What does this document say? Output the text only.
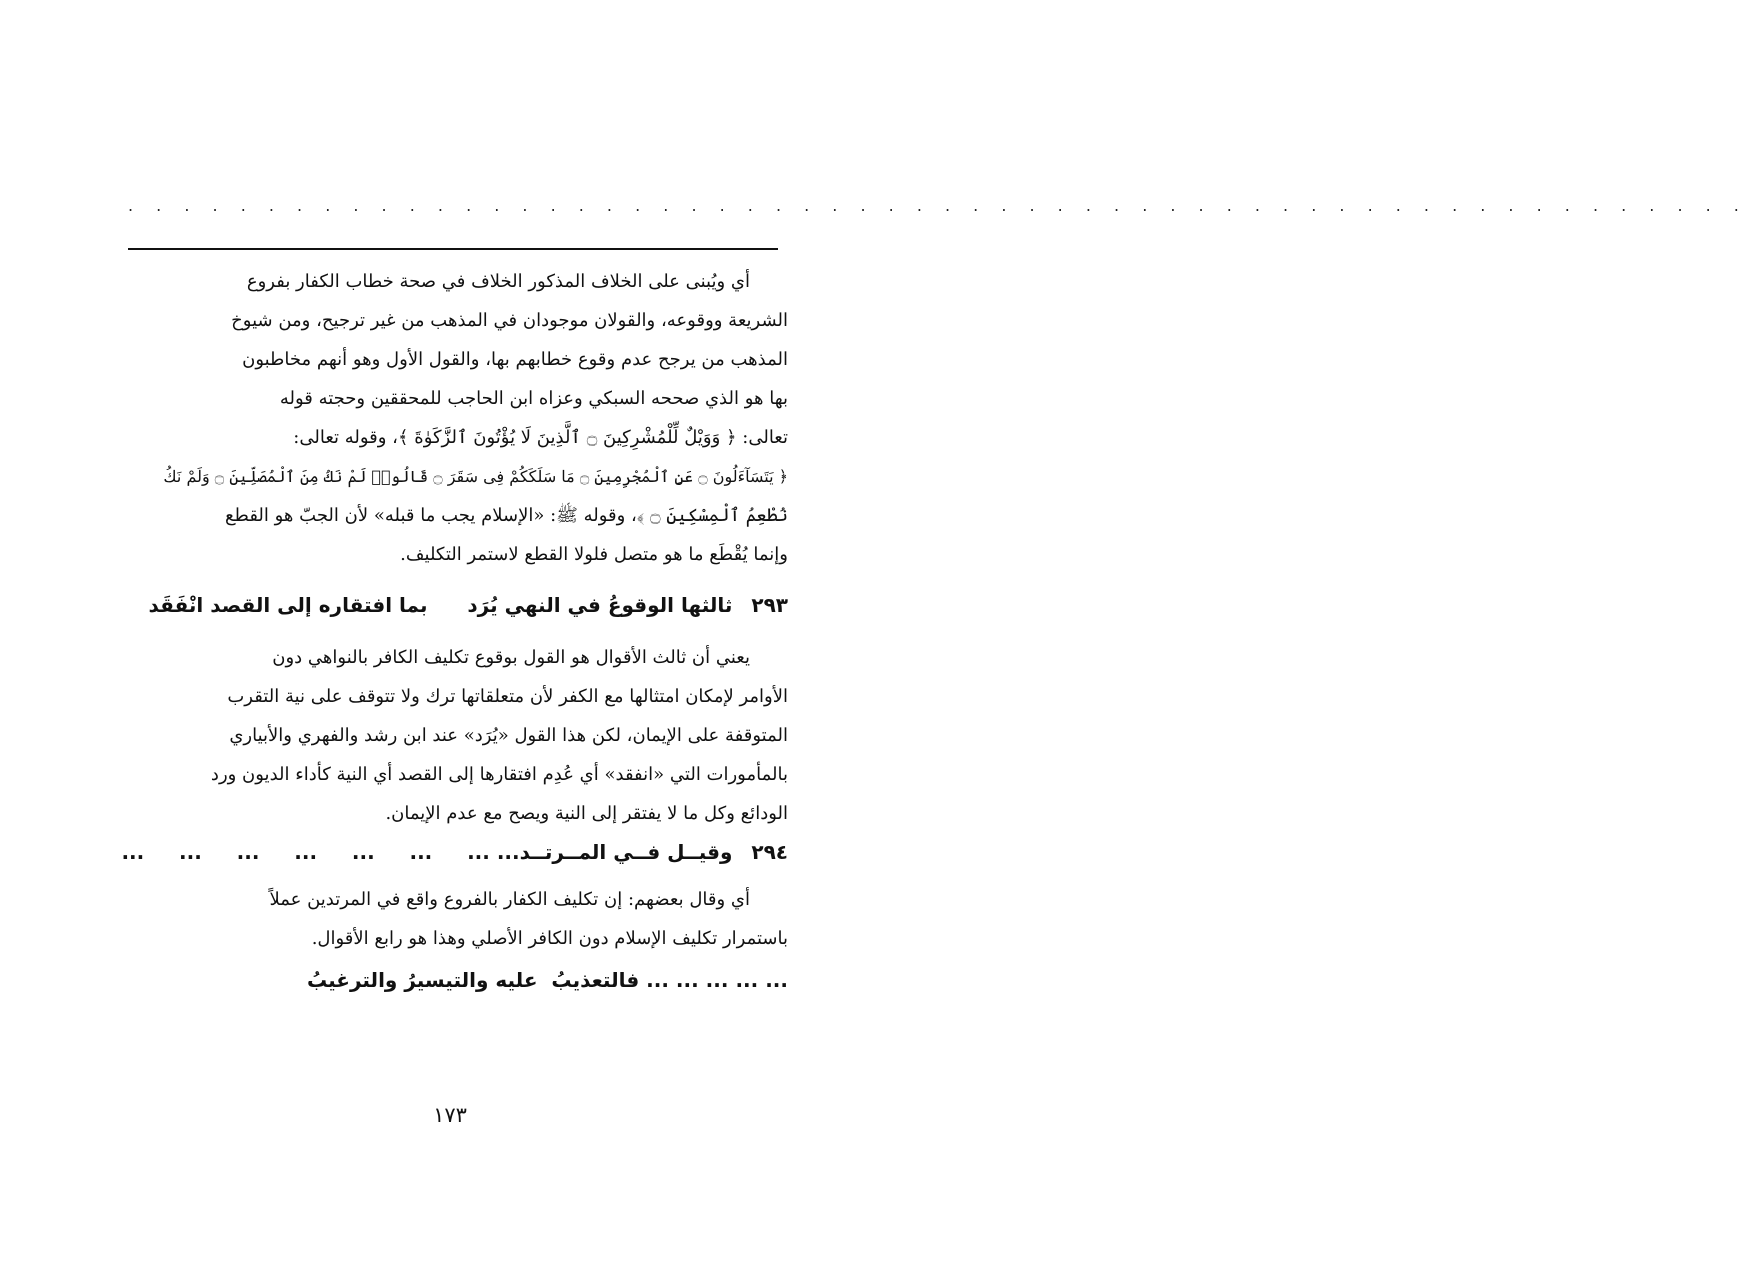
. . . . . . . . . . . . . . . . . . . . . . . . . . . . . . . . . . . . . . . . . . . . . . . . . . . . . . . . . .

أي ويُبنى على الخلاف المذكور الخلاف في صحة خطاب الكفار بفروع

الشريعة ووقوعه، والقولان موجودان في المذهب من غير ترجيح، ومن شيوخ

المذهب من يرجح عدم وقوع خطابهم بها، والقول الأول وهو أنهم مخاطبون

بها هو الذي صححه السبكي وعزاه ابن الحاجب للمحققين وحجته قوله

تعالى: ﴿ وَوَيْلٌ لِّلْمُشْرِكِينَ ۝ ٱلَّذِينَ لَا يُؤْتُونَ ٱلزَّكَوٰةَ ﴾، وقوله تعالى:

﴿ يَتَسَآءَلُونَ ۝ عَنِ ٱلْمُجْرِمِينَ ۝ مَا سَلَكَكُمْ فِى سَقَرَ ۝ قَالُوا۟ لَمْ نَكُ مِنَ ٱلْمُصَلِّينَ ۝ وَلَمْ نَكُ

نُطْعِمُ ٱلْمِسْكِينَ ۝ ﴾، وقوله ﷺ: «الإسلام يجب ما قبله» لأن الجبّ هو القطع

وإنما يُقْطَع ما هو متصل فلولا القطع لاستمر التكليف.

٢٩٣ ثالثها الوقوعُ في النهي يُرَد  بما افتقاره إلى القصد انْفَقَد

يعني أن ثالث الأقوال هو القول بوقوع تكليف الكافر بالنواهي دون

الأوامر لإمكان امتثالها مع الكفر لأن متعلقاتها ترك ولا تتوقف على نية التقرب

المتوقفة على الإيمان، لكن هذا القول «يُرَد» عند ابن رشد والفهري والأبياري

بالمأمورات التي «انفقد» أي عُدِم افتقارها إلى القصد أي النية كأداء الديون ورد

الودائع وكل ما لا يفتقر إلى النية ويصح مع عدم الإيمان.

٢٩٤ وقيــل فــي المــرتــد... ...     ...     ...     ...     ...     ...     ...

أي وقال بعضهم: إن تكليف الكفار بالفروع واقع في المرتدين عملاً

باستمرار تكليف الإسلام دون الكافر الأصلي وهذا هو رابع الأقوال.

... ... ... ... ... فالتعذيبُ  عليه والتيسيرُ والترغيبُ
١٧٣
